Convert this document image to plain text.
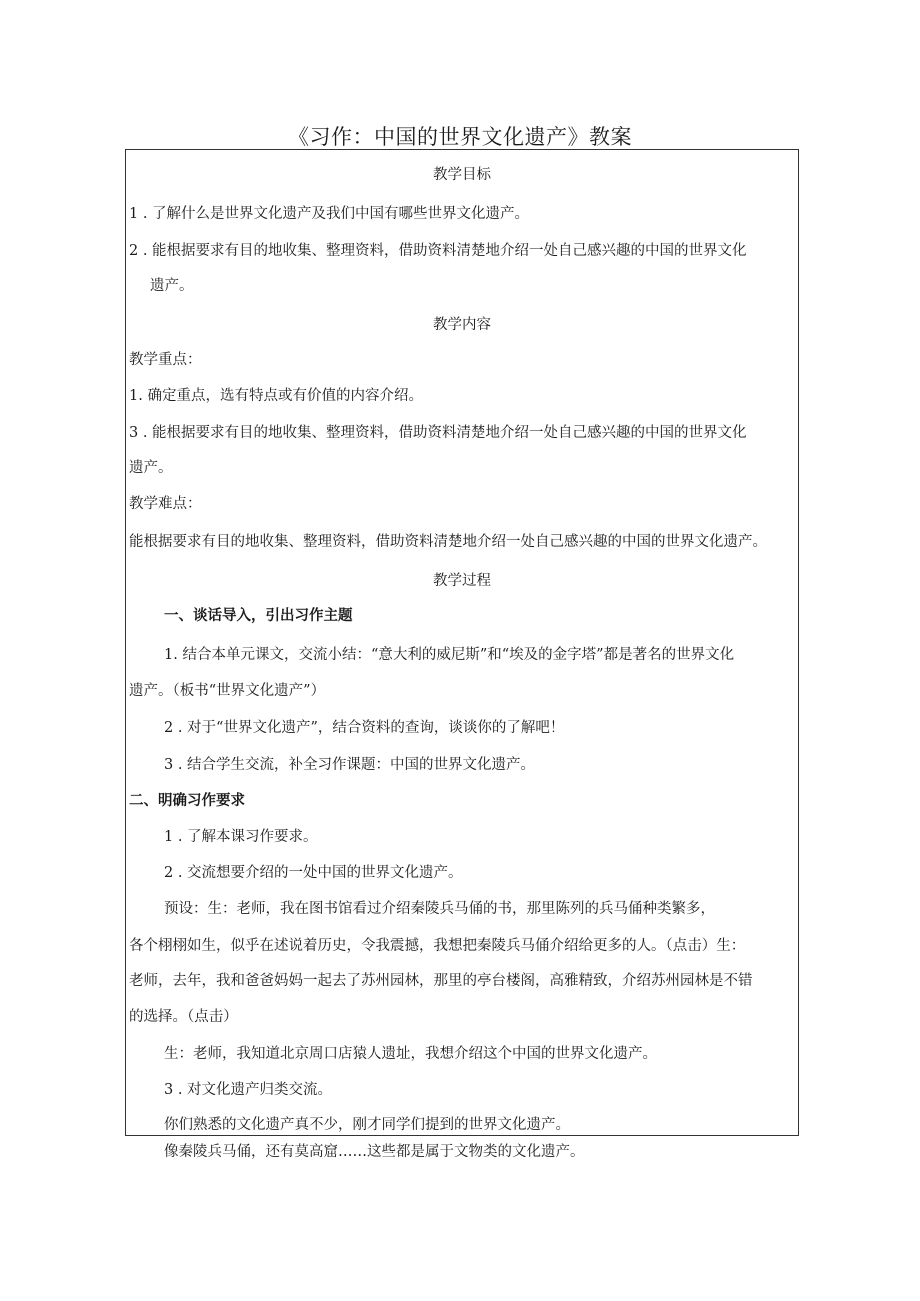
《习作：中国的世界文化遗产》教案
教学目标
1 . 了解什么是世界文化遗产及我们中国有哪些世界文化遗产。
2 . 能根据要求有目的地收集、整理资料，借助资料清楚地介绍一处自己感兴趣的中国的世界文化
遗产。
教学内容
教学重点：
1. 确定重点，选有特点或有价值的内容介绍。
3 . 能根据要求有目的地收集、整理资料，借助资料清楚地介绍一处自己感兴趣的中国的世界文化
遗产。
教学难点：
能根据要求有目的地收集、整理资料，借助资料清楚地介绍一处自己感兴趣的中国的世界文化遗产。
教学过程
一、谈话导入，引出习作主题
1. 结合本单元课文，交流小结：“意大利的威尼斯”和“埃及的金字塔”都是著名的世界文化
遗产。（板书“世界文化遗产”）
2 . 对于“世界文化遗产”，结合资料的查询，谈谈你的了解吧！
3 . 结合学生交流，补全习作课题：中国的世界文化遗产。
二、明确习作要求
1 . 了解本课习作要求。
2 . 交流想要介绍的一处中国的世界文化遗产。
预设：生：老师，我在图书馆看过介绍秦陵兵马俑的书，那里陈列的兵马俑种类繁多，
各个栩栩如生，似乎在述说着历史，令我震撼，我想把秦陵兵马俑介绍给更多的人。（点击）生：
老师，去年，我和爸爸妈妈一起去了苏州园林，那里的亭台楼阁，高雅精致，介绍苏州园林是不错
的选择。（点击）
生：老师，我知道北京周口店猿人遗址，我想介绍这个中国的世界文化遗产。
3 . 对文化遗产归类交流。
你们熟悉的文化遗产真不少，刚才同学们提到的世界文化遗产。
像秦陵兵马俑，还有莫高窟……这些都是属于文物类的文化遗产。
